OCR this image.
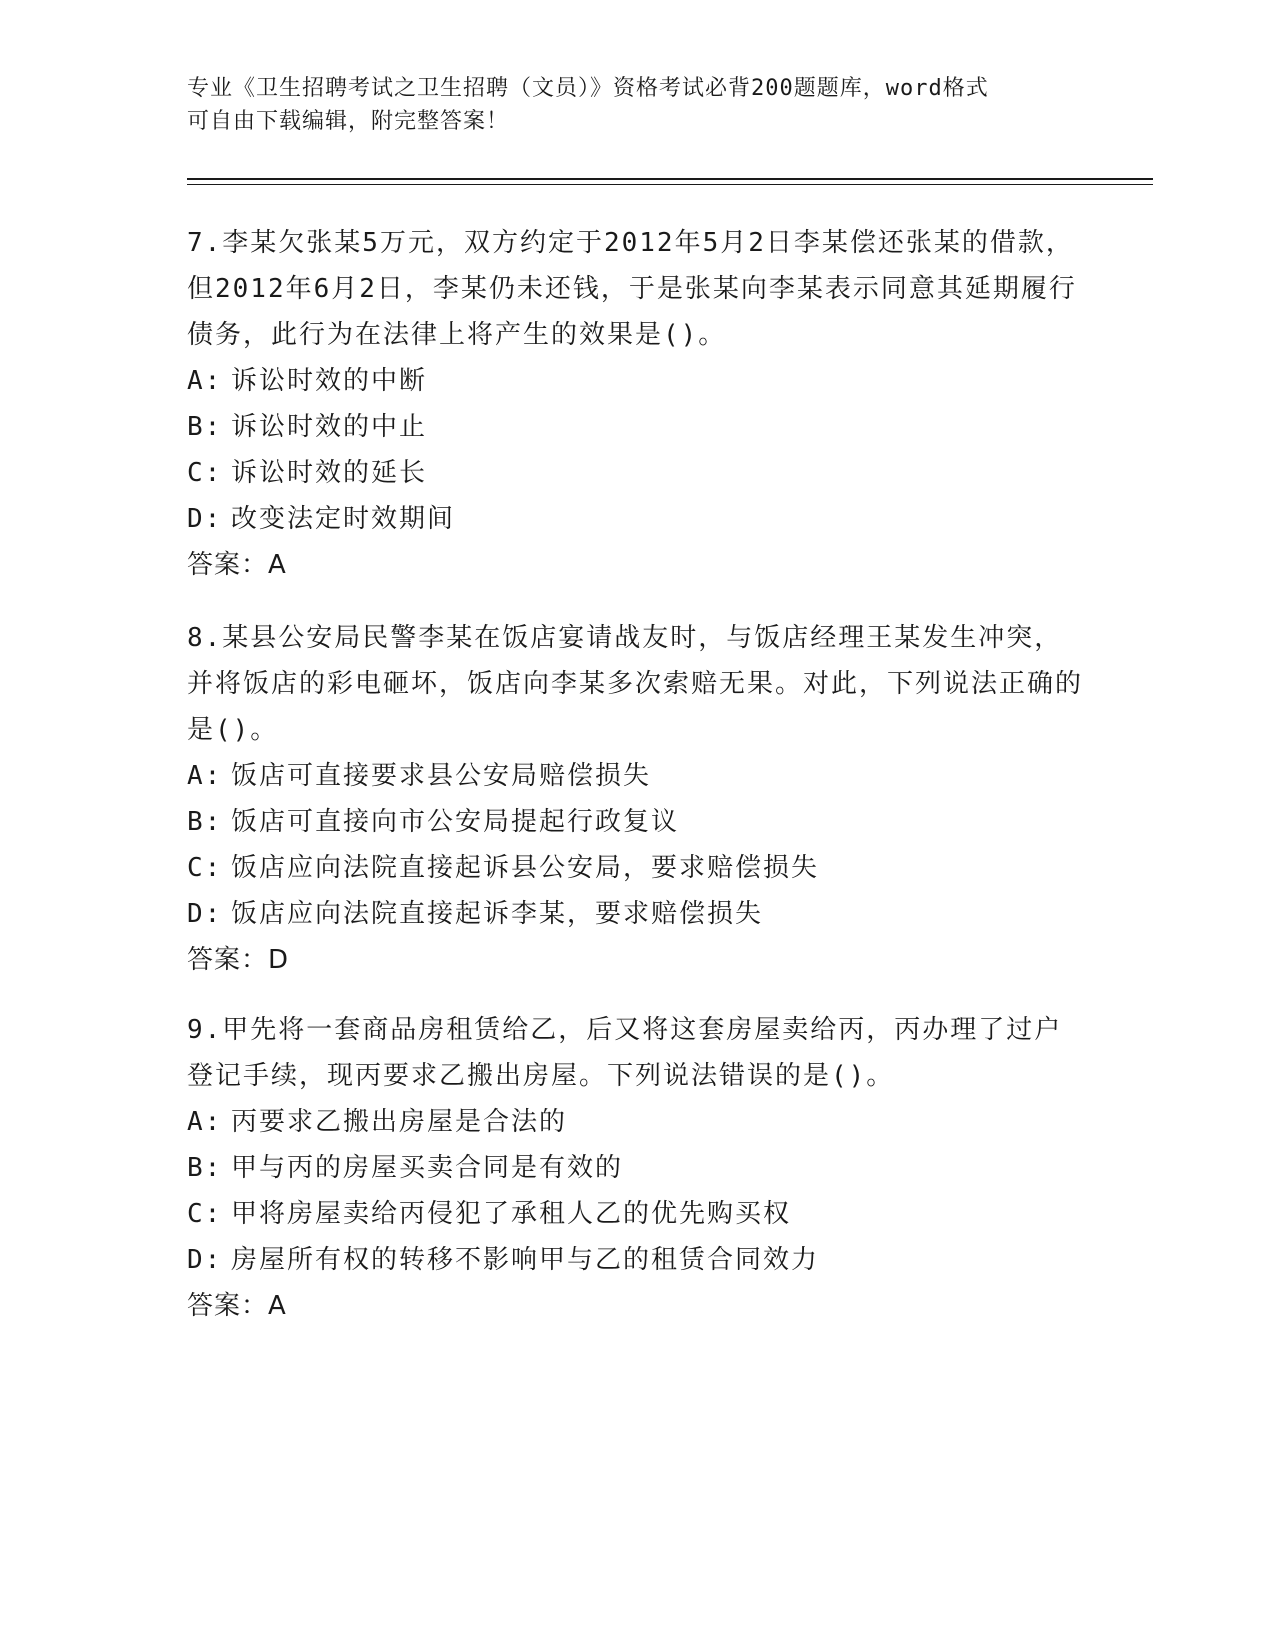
专业《卫生招聘考试之卫生招聘（文员）》资格考试必背200题题库，word格式
可自由下载编辑，附完整答案！

7.李某欠张某5万元，双方约定于2012年5月2日李某偿还张某的借款，但2012年6月2日，李某仍未还钱，于是张某向李某表示同意其延期履行债务，此行为在法律上将产生的效果是()。

A: 诉讼时效的中断

B: 诉讼时效的中止

C: 诉讼时效的延长

D: 改变法定时效期间

答案：A

8.某县公安局民警李某在饭店宴请战友时，与饭店经理王某发生冲突，并将饭店的彩电砸坏，饭店向李某多次索赔无果。对此，下列说法正确的是()。

A: 饭店可直接要求县公安局赔偿损失

B: 饭店可直接向市公安局提起行政复议

C: 饭店应向法院直接起诉县公安局，要求赔偿损失

D: 饭店应向法院直接起诉李某，要求赔偿损失

答案：D

9.甲先将一套商品房租赁给乙，后又将这套房屋卖给丙，丙办理了过户登记手续，现丙要求乙搬出房屋。下列说法错误的是()。

A: 丙要求乙搬出房屋是合法的

B: 甲与丙的房屋买卖合同是有效的

C: 甲将房屋卖给丙侵犯了承租人乙的优先购买权

D: 房屋所有权的转移不影响甲与乙的租赁合同效力

答案：A
